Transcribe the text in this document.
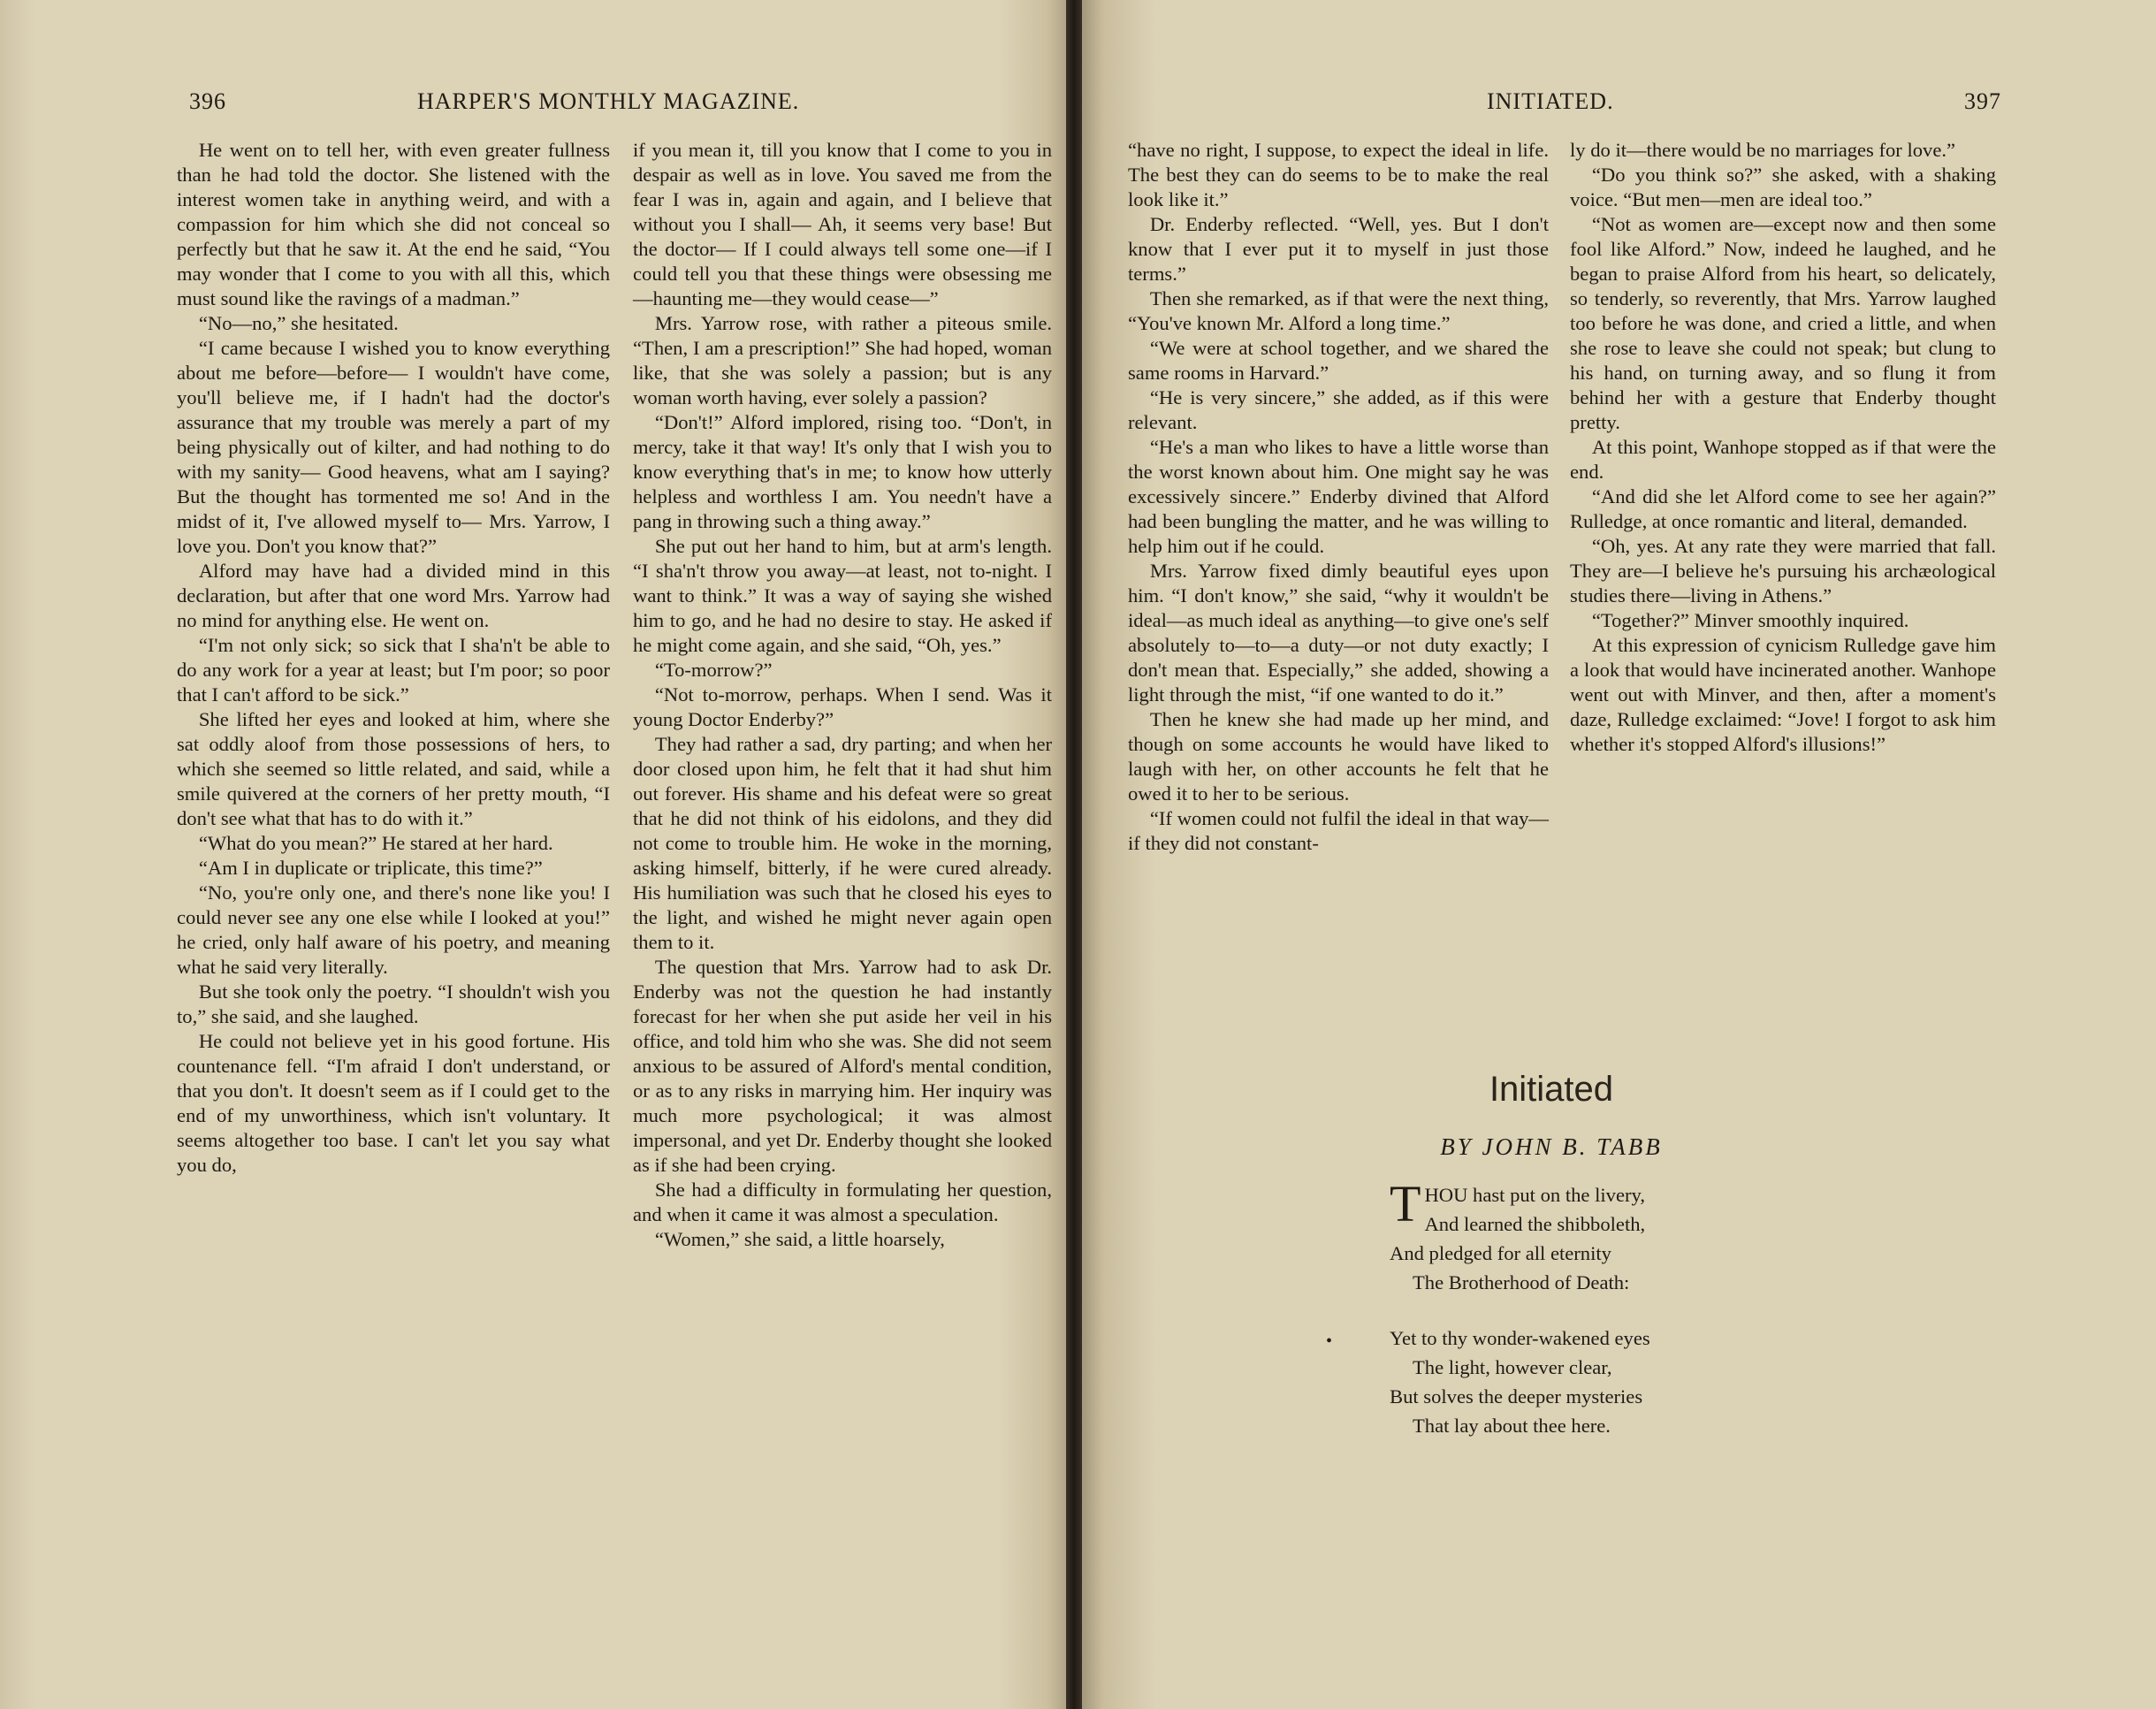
396	HARPER'S MONTHLY MAGAZINE.	INITIATED.	397

He went on to tell her, with even greater fullness than he had told the doctor. She listened with the interest women take in anything weird, and with a compassion for him which she did not conceal so perfectly but that he saw it. At the end he said, “You may wonder that I come to you with all this, which must sound like the ravings of a madman.”

“No—no,” she hesitated.

“I came because I wished you to know everything about me before—before— I wouldn't have come, you'll believe me, if I hadn't had the doctor's assurance that my trouble was merely a part of my being physically out of kilter, and had nothing to do with my sanity— Good heavens, what am I saying? But the thought has tormented me so! And in the midst of it, I've allowed myself to— Mrs. Yarrow, I love you. Don't you know that?”

Alford may have had a divided mind in this declaration, but after that one word Mrs. Yarrow had no mind for anything else. He went on.

“I'm not only sick; so sick that I sha'n't be able to do any work for a year at least; but I'm poor; so poor that I can't afford to be sick.”

She lifted her eyes and looked at him, where she sat oddly aloof from those possessions of hers, to which she seemed so little related, and said, while a smile quivered at the corners of her pretty mouth, “I don't see what that has to do with it.”

“What do you mean?” He stared at her hard.

“Am I in duplicate or triplicate, this time?”

“No, you're only one, and there's none like you! I could never see any one else while I looked at you!” he cried, only half aware of his poetry, and meaning what he said very literally.

But she took only the poetry. “I shouldn't wish you to,” she said, and she laughed.

He could not believe yet in his good fortune. His countenance fell. “I'm afraid I don't understand, or that you don't. It doesn't seem as if I could get to the end of my unworthiness, which isn't voluntary. It seems altogether too base. I can't let you say what you do,

if you mean it, till you know that I come to you in despair as well as in love. You saved me from the fear I was in, again and again, and I believe that without you I shall— Ah, it seems very base! But the doctor— If I could always tell some one—if I could tell you that these things were obsessing me—haunting me—they would cease—”

Mrs. Yarrow rose, with rather a piteous smile. “Then, I am a prescription!” She had hoped, woman like, that she was solely a passion; but is any woman worth having, ever solely a passion?

“Don't!” Alford implored, rising too. “Don't, in mercy, take it that way! It's only that I wish you to know everything that's in me; to know how utterly helpless and worthless I am. You needn't have a pang in throwing such a thing away.”

She put out her hand to him, but at arm's length. “I sha'n't throw you away—at least, not to-night. I want to think.” It was a way of saying she wished him to go, and he had no desire to stay. He asked if he might come again, and she said, “Oh, yes.”

“To-morrow?”

“Not to-morrow, perhaps. When I send. Was it young Doctor Enderby?”

They had rather a sad, dry parting; and when her door closed upon him, he felt that it had shut him out forever. His shame and his defeat were so great that he did not think of his eidolons, and they did not come to trouble him. He woke in the morning, asking himself, bitterly, if he were cured already. His humiliation was such that he closed his eyes to the light, and wished he might never again open them to it.

The question that Mrs. Yarrow had to ask Dr. Enderby was not the question he had instantly forecast for her when she put aside her veil in his office, and told him who she was. She did not seem anxious to be assured of Alford's mental condition, or as to any risks in marrying him. Her inquiry was much more psychological; it was almost impersonal, and yet Dr. Enderby thought she looked as if she had been crying.

She had a difficulty in formulating her question, and when it came it was almost a speculation.

“Women,” she said, a little hoarsely,

“have no right, I suppose, to expect the ideal in life. The best they can do seems to be to make the real look like it.”

Dr. Enderby reflected. “Well, yes. But I don't know that I ever put it to myself in just those terms.”

Then she remarked, as if that were the next thing, “You've known Mr. Alford a long time.”

“We were at school together, and we shared the same rooms in Harvard.”

“He is very sincere,” she added, as if this were relevant.

“He's a man who likes to have a little worse than the worst known about him. One might say he was excessively sincere.” Enderby divined that Alford had been bungling the matter, and he was willing to help him out if he could.

Mrs. Yarrow fixed dimly beautiful eyes upon him. “I don't know,” she said, “why it wouldn't be ideal—as much ideal as anything—to give one's self absolutely to—to—a duty—or not duty exactly; I don't mean that. Especially,” she added, showing a light through the mist, “if one wanted to do it.”

Then he knew she had made up her mind, and though on some accounts he would have liked to laugh with her, on other accounts he felt that he owed it to her to be serious.

“If women could not fulfil the ideal in that way—if they did not constant-

ly do it—there would be no marriages for love.”

“Do you think so?” she asked, with a shaking voice. “But men—men are ideal too.”

“Not as women are—except now and then some fool like Alford.” Now, indeed he laughed, and he began to praise Alford from his heart, so delicately, so tenderly, so reverently, that Mrs. Yarrow laughed too before he was done, and cried a little, and when she rose to leave she could not speak; but clung to his hand, on turning away, and so flung it from behind her with a gesture that Enderby thought pretty.

At this point, Wanhope stopped as if that were the end.

“And did she let Alford come to see her again?” Rulledge, at once romantic and literal, demanded.

“Oh, yes. At any rate they were married that fall. They are—I believe he's pursuing his archæological studies there—living in Athens.”

“Together?” Minver smoothly inquired.

At this expression of cynicism Rulledge gave him a look that would have incinerated another. Wanhope went out with Minver, and then, after a moment's daze, Rulledge exclaimed: “Jove! I forgot to ask him whether it's stopped Alford's illusions!”

Initiated
BY JOHN B. TABB
•
THOU hast put on the livery,
And learned the shibboleth,
And pledged for all eternity
The Brotherhood of Death:
Yet to thy wonder-wakened eyes
The light, however clear,
But solves the deeper mysteries
That lay about thee here.
